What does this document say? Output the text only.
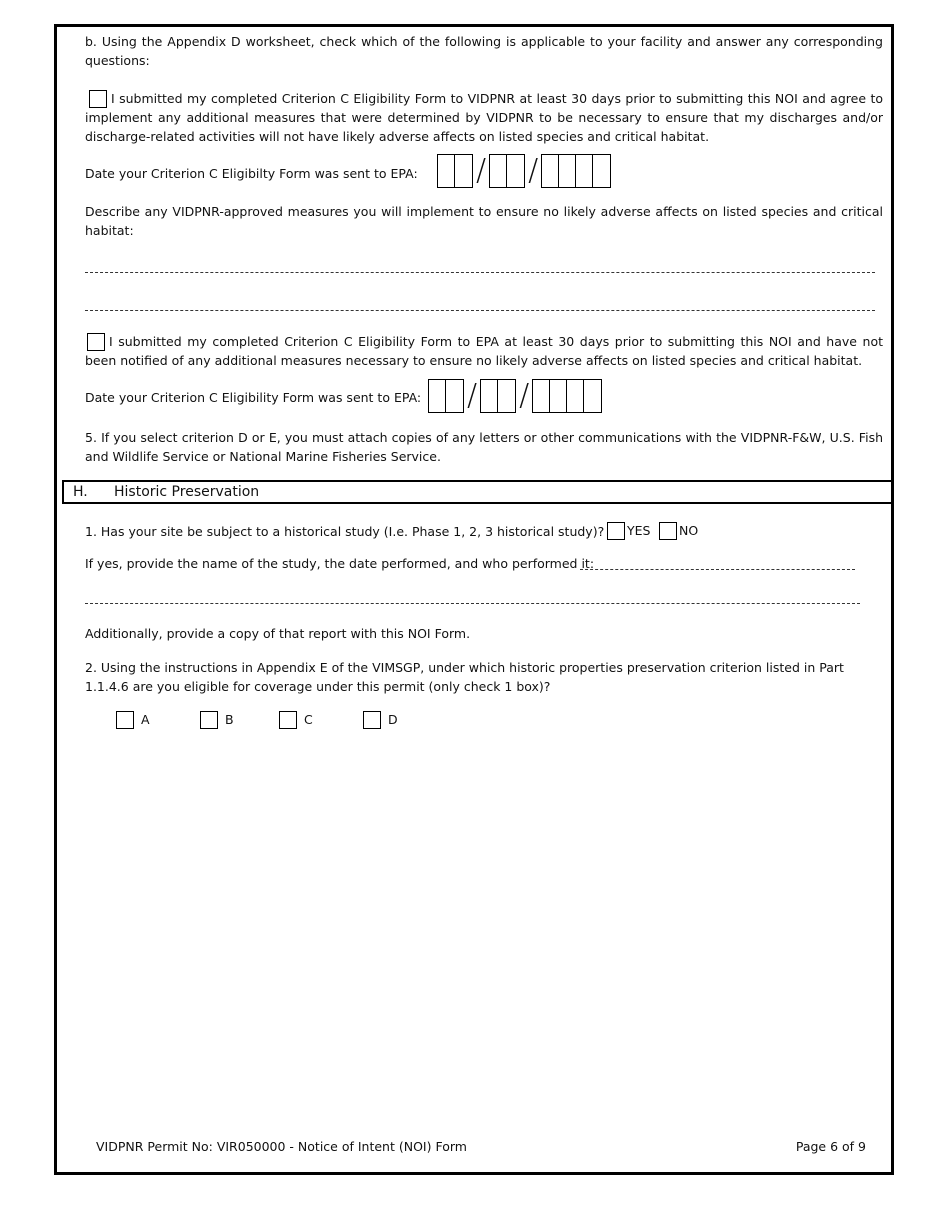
b. Using the Appendix D worksheet, check which of the following is applicable to your facility and answer any corresponding questions:

I submitted my completed Criterion C Eligibility Form to VIDPNR at least 30 days prior to submitting this NOI and agree to implement any additional measures that were determined by VIDPNR to be necessary to ensure that my discharges and/or discharge-related activities will not have likely adverse affects on listed species and critical habitat.

Date your Criterion C Eligibilty Form was sent to EPA: / /

Describe any VIDPNR-approved measures you will implement to ensure no likely adverse affects on listed species and critical habitat:

I submitted my completed Criterion C Eligibility Form to EPA at least 30 days prior to submitting this NOI and have not been notified of any additional measures necessary to ensure no likely adverse affects on listed species and critical habitat.

Date your Criterion C Eligibility Form was sent to EPA: / /

5. If you select criterion D or E, you must attach copies of any letters or other communications with the VIDPNR-F&W, U.S. Fish and Wildlife Service or National Marine Fisheries Service.

H. Historic Preservation

1. Has your site be subject to a historical study (I.e. Phase 1, 2, 3 historical study)?	YES	NO

If yes, provide the name of the study, the date performed, and who performed it:

Additionally, provide a copy of that report with this NOI Form.

2. Using the instructions in Appendix E of the VIMSGP, under which historic properties preservation criterion listed in Part 1.1.4.6 are you eligible for coverage under this permit (only check 1 box)?

A	B	C	D

VIDPNR Permit No: VIR050000 - Notice of Intent (NOI) Form	Page 6 of 9
